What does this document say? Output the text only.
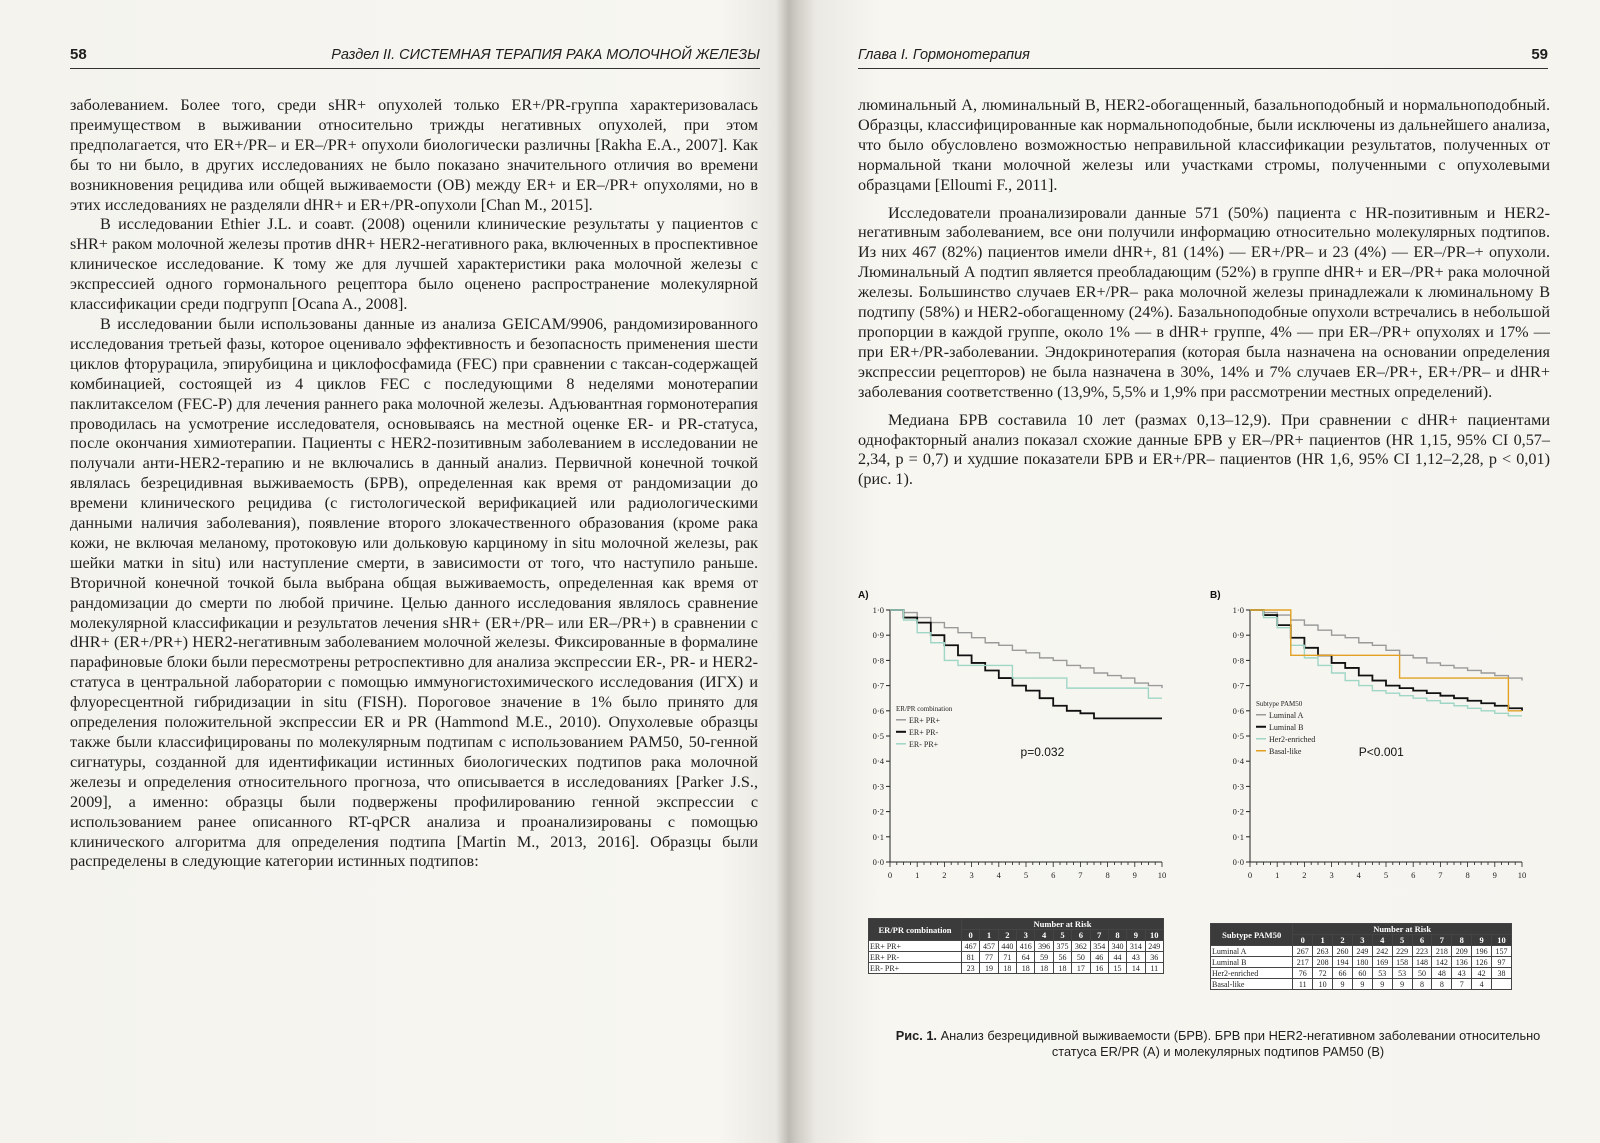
58	Раздел II. СИСТЕМНАЯ ТЕРАПИЯ РАКА МОЛОЧНОЙ ЖЕЛЕЗЫ

заболеванием. Более того, среди sHR+ опухолей только ER+/PR-группа характеризовалась преимуществом в выживании относительно трижды негативных опухолей, при этом предполагается, что ER+/PR– и ER–/PR+ опухоли биологически различны [Rakha E.A., 2007]. Как бы то ни было, в других исследованиях не было показано значительного отличия во времени возникновения рецидива или общей выживаемости (ОВ) между ER+ и ER–/PR+ опухолями, но в этих исследованиях не разделяли dHR+ и ER+/PR-опухоли [Chan M., 2015].

В исследовании Ethier J.L. и соавт. (2008) оценили клинические результаты у пациентов с sHR+ раком молочной железы против dHR+ HER2-негативного рака, включенных в проспективное клиническое исследование. К тому же для лучшей характеристики рака молочной железы с экспрессией одного гормонального рецептора было оценено распространение молекулярной классификации среди подгрупп [Ocana A., 2008].

В исследовании были использованы данные из анализа GEICAM/9906, рандомизированного исследования третьей фазы, которое оценивало эффективность и безопасность применения шести циклов фторурацила, эпирубицина и циклофосфамида (FEC) при сравнении с таксан-содержащей комбинацией, состоящей из 4 циклов FEC с последующими 8 неделями монотерапии паклитакселом (FEC-P) для лечения раннего рака молочной железы. Адъювантная гормонотерапия проводилась на усмотрение исследователя, основываясь на местной оценке ER- и PR-статуса, после окончания химиотерапии. Пациенты с HER2-позитивным заболеванием в исследовании не получали анти-HER2-терапию и не включались в данный анализ. Первичной конечной точкой являлась безрецидивная выживаемость (БРВ), определенная как время от рандомизации до времени клинического рецидива (с гистологической верификацией или радиологическими данными наличия заболевания), появление второго злокачественного образования (кроме рака кожи, не включая меланому, протоковую или дольковую карциному in situ молочной железы, рак шейки матки in situ) или наступление смерти, в зависимости от того, что наступило раньше. Вторичной конечной точкой была выбрана общая выживаемость, определенная как время от рандомизации до смерти по любой причине. Целью данного исследования являлось сравнение молекулярной классификации и результатов лечения sHR+ (ER+/PR– или ER–/PR+) в сравнении с dHR+ (ER+/PR+) HER2-негативным заболеванием молочной железы. Фиксированные в формалине парафиновые блоки были пересмотрены ретроспективно для анализа экспрессии ER-, PR- и HER2-статуса в центральной лаборатории с помощью иммуногистохимического исследования (ИГХ) и флуоресцентной гибридизации in situ (FISH). Пороговое значение в 1% было принято для определения положительной экспрессии ER и PR (Hammond M.E., 2010). Опухолевые образцы также были классифицированы по молекулярным подтипам с использованием PAM50, 50-генной сигнатуры, созданной для идентификации истинных биологических подтипов рака молочной железы и определения относительного прогноза, что описывается в исследованиях [Parker J.S., 2009], а именно: образцы были подвержены профилированию генной экспрессии с использованием ранее описанного RT-qPCR анализа и проанализированы с помощью клинического алгоритма для определения подтипа [Martin M., 2013, 2016]. Образцы были распределены в следующие категории истинных подтипов:

Глава I. Гормонотерапия	59

люминальный А, люминальный B, HER2-обогащенный, базальноподобный и нормальноподобный. Образцы, классифицированные как нормальноподобные, были исключены из дальнейшего анализа, что было обусловлено возможностью неправильной классификации результатов, полученных от нормальной ткани молочной железы или участками стромы, полученными с опухолевыми образцами [Elloumi F., 2011].

Исследователи проанализировали данные 571 (50%) пациента с HR-позитивным и HER2-негативным заболеванием, все они получили информацию относительно молекулярных подтипов. Из них 467 (82%) пациентов имели dHR+, 81 (14%) — ER+/PR– и 23 (4%) — ER–/PR–+ опухоли. Люминальный А подтип является преобладающим (52%) в группе dHR+ и ER–/PR+ рака молочной железы. Большинство случаев ER+/PR– рака молочной железы принадлежали к люминальному B подтипу (58%) и HER2-обогащенному (24%). Базальноподобные опухоли встречались в небольшой пропорции в каждой группе, около 1% — в dHR+ группе, 4% — при ER–/PR+ опухолях и 17% — при ER+/PR-заболевании. Эндокринотерапия (которая была назначена на основании определения экспрессии рецепторов) не была назначена в 30%, 14% и 7% случаев ER–/PR+, ER+/PR– и dHR+ заболевания соответственно (13,9%, 5,5% и 1,9% при рассмотрении местных определений).

Медиана БРВ составила 10 лет (размах 0,13–12,9). При сравнении с dHR+ пациентами однофакторный анализ показал схожие данные БРВ у ER–/PR+ пациентов (HR 1,15, 95% CI 0,57–2,34, p = 0,7) и худшие показатели БРВ и ER+/PR– пациентов (HR 1,6, 95% CI 1,12–2,28, p < 0,01) (рис. 1).

A)
0·0
0·1
0·2
0·3
0·4
0·5
0·6
0·7
0·8
0·9
1·0
0	1	2	3	4	5	6	7	8	9 10
ER/PR combination
ER+ PR+
ER+ PR-
ER- PR+
p=0.032
ER/PR combination	Number at Risk										
	0	1	2	3	4	5	6	7	8	9	10
ER+ PR+	467	457	440	416	396	375	362	354	340	314	249
ER+ PR-	81	77	71	64	59	56	50	46	44	43	36
ER- PR+	23	19	18	18	18	18	17	16	15	14	11
B)
0·0
0·1
0·2
0·3
0·4
0·5
0·6
0·7
0·8
0·9
1·0
0	1	2	3	4	5	6	7	8	9 10
Subtype PAM50
Luminal A
Luminal B
Her2-enriched
Basal-like	P<0.001
Subtype PAM50	Number at Risk										
	0	1	2	3	4	5	6	7	8	9	10
Luminal A	267	263	260	249	242	229	223	218	209	196	157
Luminal B	217	208	194	180	169	158	148	142	136	126	97
Her2-enriched	76	72	66	60	53	53	50	48	43	42	38
Basal-like	11	10	9	9	9	9	8	8	7	4	
Рис. 1. Анализ безрецидивной выживаемости (БРВ). БРВ при HER2-негативном заболевании относительно статуса ER/PR (A) и молекулярных подтипов PAM50 (B)
